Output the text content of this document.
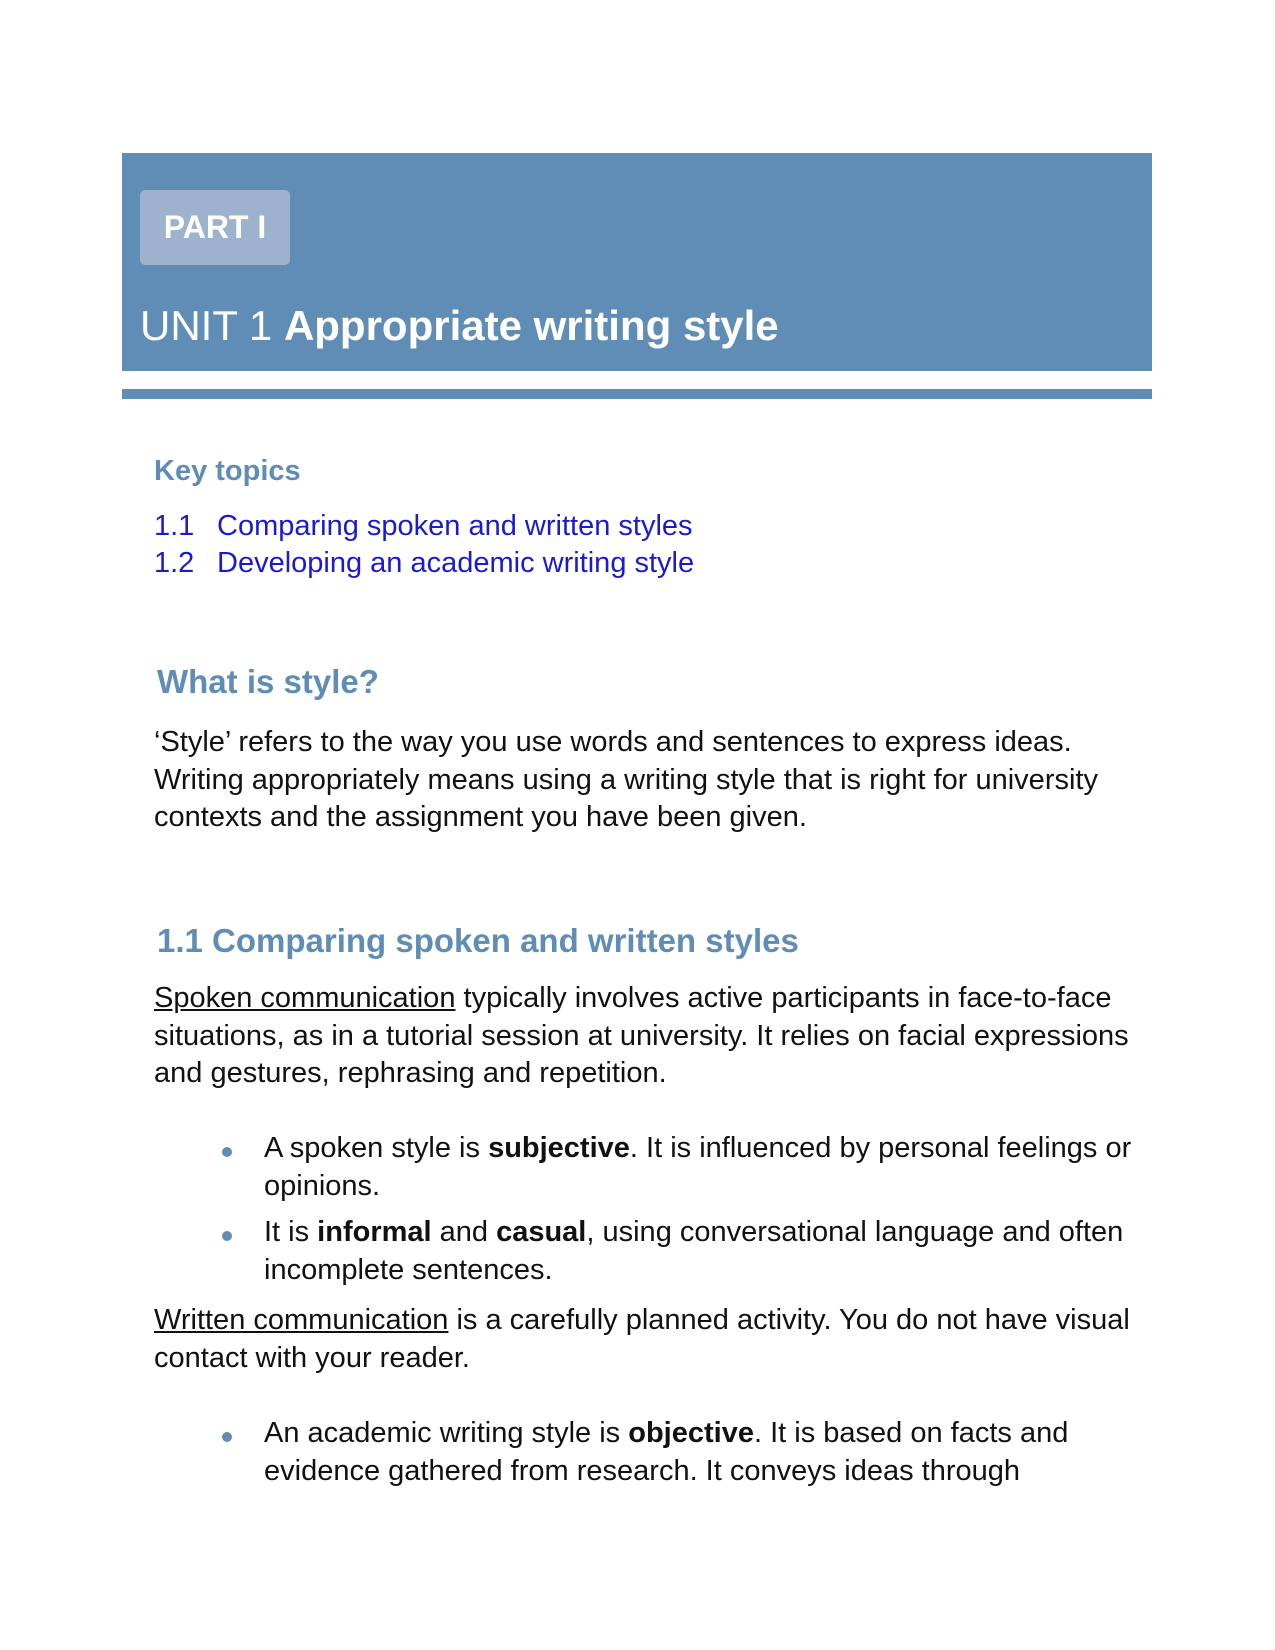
PART I
UNIT 1 Appropriate writing style
Key topics
1.1 Comparing spoken and written styles
1.2 Developing an academic writing style
What is style?

‘Style’ refers to the way you use words and sentences to express ideas. Writing appropriately means using a writing style that is right for university contexts and the assignment you have been given.

1.1 Comparing spoken and written styles

Spoken communication typically involves active participants in face-to-face situations, as in a tutorial session at university. It relies on facial expressions and gestures, rephrasing and repetition.

A spoken style is subjective. It is influenced by personal feelings or opinions.
It is informal and casual, using conversational language and often incomplete sentences.

Written communication is a carefully planned activity. You do not have visual contact with your reader.

An academic writing style is objective. It is based on facts and evidence gathered from research. It conveys ideas through
